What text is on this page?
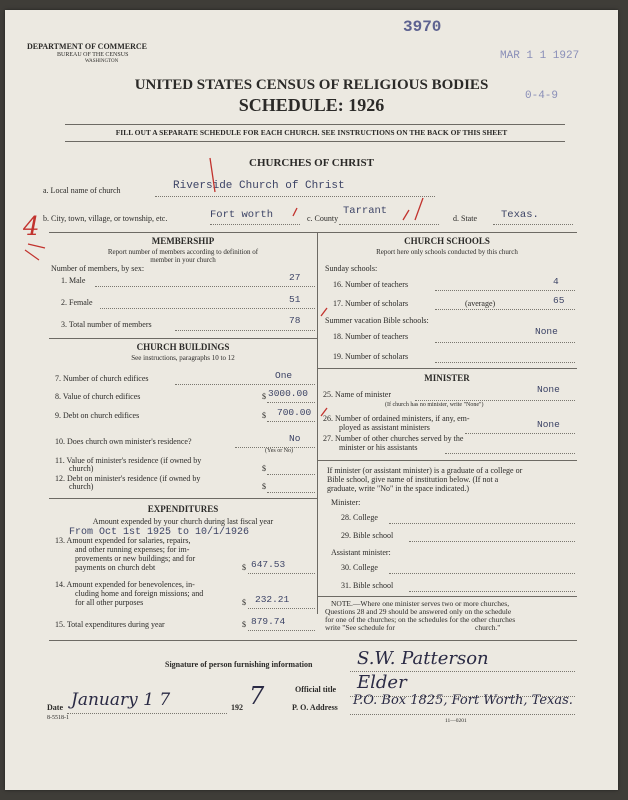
3970
MAR 1 1 1927
0-4-9
DEPARTMENT OF COMMERCE
BUREAU OF THE CENSUS
WASHINGTON
UNITED STATES CENSUS OF RELIGIOUS BODIES
SCHEDULE: 1926
FILL OUT A SEPARATE SCHEDULE FOR EACH CHURCH. SEE INSTRUCTIONS ON THE BACK OF THIS SHEET
CHURCHES OF CHRIST
a. Local name of church	Riverside Church of Christ
b. City, town, village, or township, etc.	Fort worth	c. County
Tarrant
d. State Texas.
4	MEMBERSHIP
Report number of members according to definition of
member in your church
Number of members, by sex:
1. Male	27
2. Female	51
3. Total number of members	78
CHURCH BUILDINGS
See instructions, paragraphs 10 to 12
7. Number of church edifices	One
8. Value of church edifices	$ 3000.00
9. Debt on church edifices	$ 700.00
10. Does church own minister's residence?	No
(Yes or No)
11. Value of minister's residence (if owned by
church)	$
12. Debt on minister's residence (if owned by
church)	$
EXPENDITURES
Amount expended by your church during last fiscal year
From Oct 1st 1925 to 10/1/1926
13. Amount expended for salaries, repairs,
and other running expenses; for im-
provements or new buildings; and for
payments on church debt	$ 647.53
14. Amount expended for benevolences, in-
cluding home and foreign missions; and
for all other purposes	$ 232.21
15. Total expenditures during year	$ 879.74
CHURCH SCHOOLS
Report here only schools conducted by this church
Sunday schools:
16. Number of teachers	4
17. Number of scholars	(average)	65
Summer vacation Bible schools:
18. Number of teachers	None
19. Number of scholars
MINISTER
25. Name of minister	None
(If church has no minister, write "None")
26. Number of ordained ministers, if any, em-
ployed as assistant ministers	None
27. Number of other churches served by the
minister or his assistants
If minister (or assistant minister) is a graduate of a college or
Bible school, give name of institution below. (If not a
graduate, write "No" in the space indicated.)
Minister:
28. College
29. Bible school
Assistant minister:
30. College
31. Bible school
NOTE.—Where one minister serves two or more churches,
Questions 28 and 29 should be answered only on the schedule
for one of the churches; on the schedules for the other churches
write "See schedule for	church."
Signature of person furnishing information S.W. Patterson
Official title Elder
Date January 1 7	192 7	P. O. Address P.O. Box 1825, Fort Worth, Texas.
8-5518-1	11—0201
